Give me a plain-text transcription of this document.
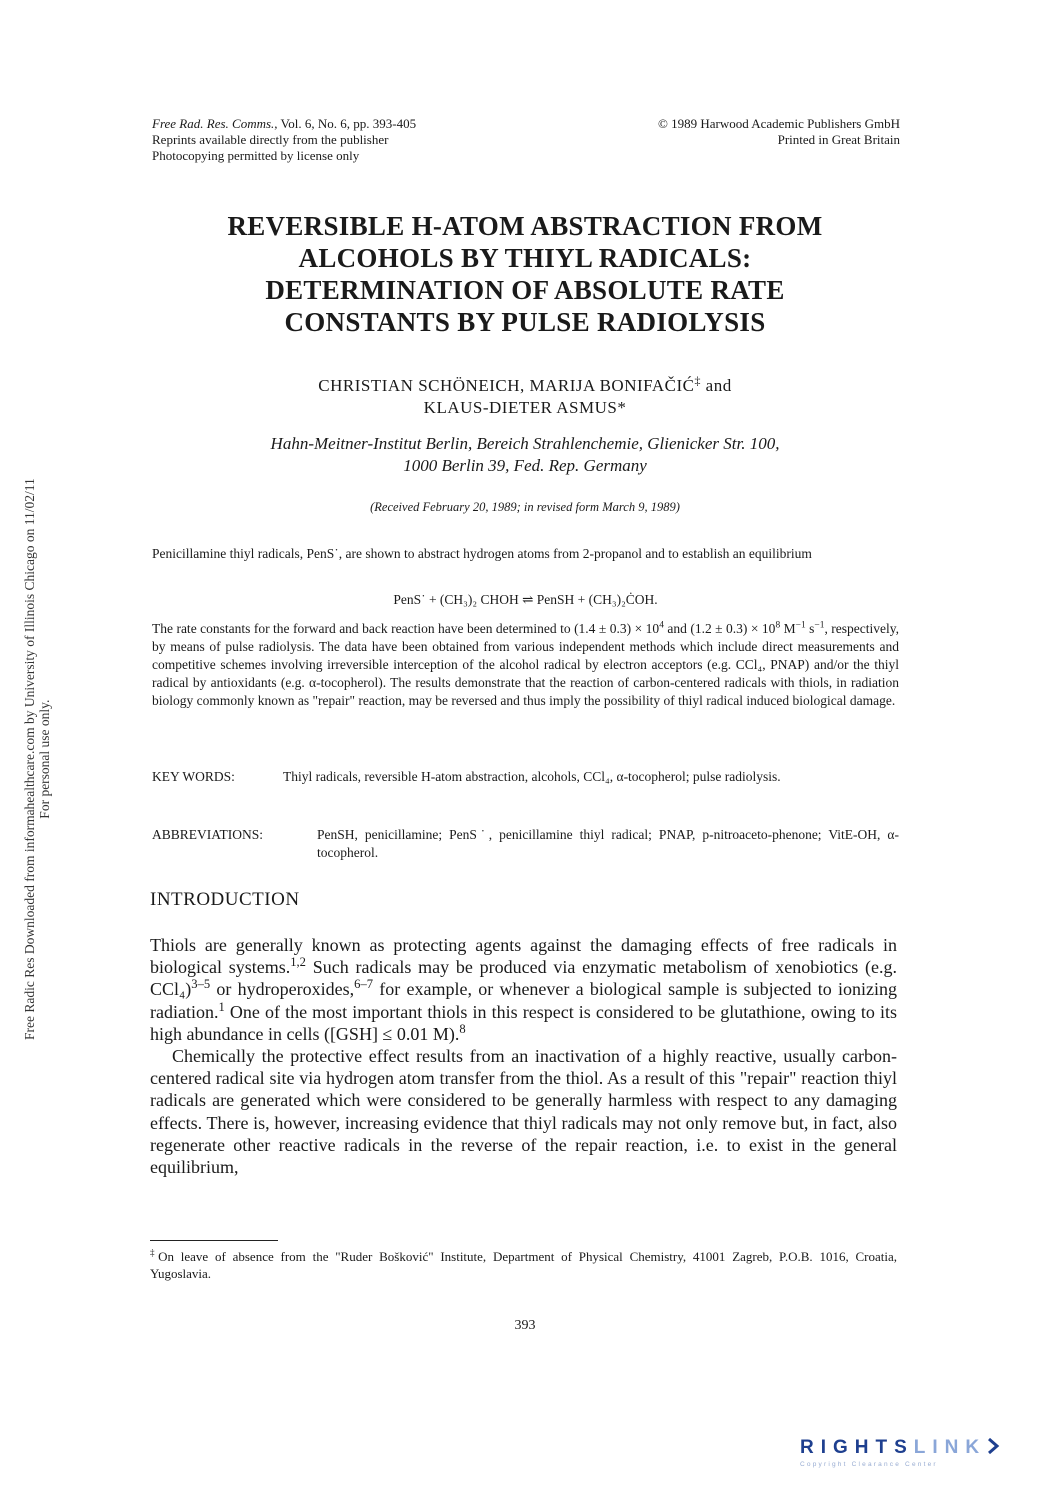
Free Rad. Res. Comms., Vol. 6, No. 6, pp. 393-405
Reprints available directly from the publisher
Photocopying permitted by license only
© 1989 Harwood Academic Publishers GmbH
Printed in Great Britain
REVERSIBLE H-ATOM ABSTRACTION FROM
ALCOHOLS BY THIYL RADICALS:
DETERMINATION OF ABSOLUTE RATE
CONSTANTS BY PULSE RADIOLYSIS
CHRISTIAN SCHÖNEICH, MARIJA BONIFAČIĆ‡ and
KLAUS-DIETER ASMUS*
Hahn-Meitner-Institut Berlin, Bereich Strahlenchemie, Glienicker Str. 100,
1000 Berlin 39, Fed. Rep. Germany
(Received February 20, 1989; in revised form March 9, 1989)
Penicillamine thiyl radicals, PenS˙, are shown to abstract hydrogen atoms from 2-propanol and to establish an equilibrium
PenS˙ + (CH₃)₂ CHOH ⇌ PenSH + (CH₃)₂ĊOH.
The rate constants for the forward and back reaction have been determined to $(1.4 \pm 0.3) \times 10^4$ and $(1.2 \pm 0.3) \times 10^8$ $M^{-1}$ $s^{-1}$, respectively, by means of pulse radiolysis. The data have been obtained from various independent methods which include direct measurements and competitive schemes involving irreversible interception of the alcohol radical by electron acceptors (e.g. CCl₄, PNAP) and/or the thiyl radical by antioxidants (e.g. α-tocopherol). The results demonstrate that the reaction of carbon-centered radicals with thiols, in radiation biology commonly known as "repair" reaction, may be reversed and thus imply the possibility of thiyl radical induced biological damage.
KEY WORDS:	Thiyl radicals, reversible H-atom abstraction, alcohols, CCl₄, α-tocopherol; pulse radiolysis.
ABBREVIATIONS:	PenSH, penicillamine; PenS˙, penicillamine thiyl radical; PNAP, p-nitroaceto-phenone; VitE-OH, α-tocopherol.
INTRODUCTION

Thiols are generally known as protecting agents against the damaging effects of free radicals in biological systems.$^{1,2}$ Such radicals may be produced via enzymatic metabolism of xenobiotics (e.g. CCl₄)$^{3-5}$ or hydroperoxides,$^{6-7}$ for example, or whenever a biological sample is subjected to ionizing radiation.$^1$ One of the most important thiols in this respect is considered to be glutathione, owing to its high abundance in cells ([GSH] ≤ 0.01 M).$^8$

Chemically the protective effect results from an inactivation of a highly reactive, usually carbon-centered radical site via hydrogen atom transfer from the thiol. As a result of this "repair" reaction thiyl radicals are generated which were considered to be generally harmless with respect to any damaging effects. There is, however, increasing evidence that thiyl radicals may not only remove but, in fact, also regenerate other reactive radicals in the reverse of the repair reaction, i.e. to exist in the general equilibrium,

‡On leave of absence from the "Ruder Bošković" Institute, Department of Physical Chemistry, 41001 Zagreb, P.O.B. 1016, Croatia, Yugoslavia.
393
Free Radic Res Downloaded from informahealthcare.com by University of Illinois Chicago on 11/02/11 For personal use only.
RIGHTSLINK
Copyright Clearance Center
